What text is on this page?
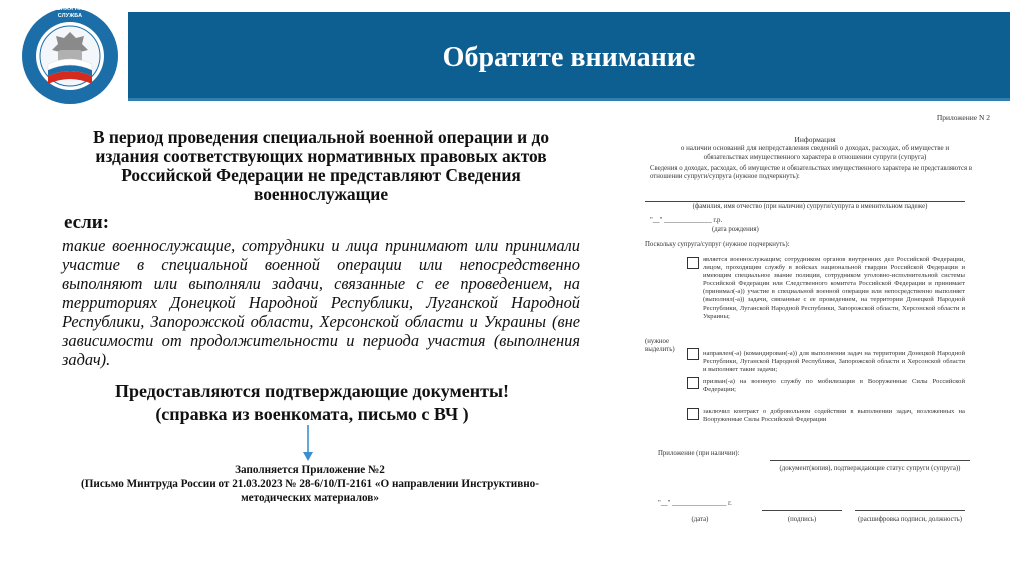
ФЕДЕРАЛЬНАЯ НАЛОГОВАЯ СЛУЖБА
Обратите внимание
В период проведения специальной военной операции и до издания соответствующих нормативных правовых актов Российской Федерации не представляют Сведения военнослужащие
если:
такие военнослужащие, сотрудники и лица принимают или принимали участие в специальной военной операции или непосредственно выполняют или выполняли задачи, связанные с ее проведением, на территориях Донецкой Народной Республики, Луганской Народной Республики, Запорожской области, Херсонской области и Украины (вне зависимости от продолжительности и периода участия (выполнения задач).
Предоставляются подтверждающие документы!
(справка из военкомата, письмо с ВЧ )
Заполняется Приложение №2
(Письмо Минтруда России от 21.03.2023 № 28-6/10/П-2161 «О направлении Инструктивно-методических материалов»
Приложение N 2
Информация
о наличии оснований для непредставления сведений о доходах, расходах, об имуществе и обязательствах имущественного характера в отношении супруги (супруга)
Сведения о доходах, расходах, об имуществе и обязательствах имущественного характера не представляются в отношении супруги/супруга (нужное подчеркнуть):
(фамилия, имя отчество (при наличии) супруги/супруга в именительном падеже)
"__" ______________ г.р.
(дата рождения)
Поскольку супруга/супруг (нужное подчеркнуть):
является военнослужащим; сотрудником органов внутренних дел Российской Федерации, лицом, проходящим службу в войсках национальной гвардии Российской Федерации и имеющим специальное звание полиции, сотрудником уголовно-исполнительной системы Российской Федерации или Следственного комитета Российской Федерации и принимает (принимал(-а)) участие в специальной военной операции или непосредственно выполняет (выполнял(-а)) задачи, связанные с ее проведением, на территории Донецкой Народной Республики, Луганской Народной Республики, Запорожской области, Херсонской области и Украины;
(нужное выделить)
направлен(-а) (командирован(-а)) для выполнения задач на территории Донецкой Народной Республики, Луганской Народной Республики, Запорожской области и Херсонской области и выполняет такие задачи;
призван(-а) на военную службу по мобилизации в Вооруженные Силы Российской Федерации;
заключил контракт о добровольном содействии в выполнении задач, возложенных на Вооруженные Силы Российской Федерации
Приложение (при наличии):
(документ(копия), подтверждающие статус супруги (супруга))
"__" ________________ г.
(дата)	(подпись)	(расшифровка подписи, должность)
